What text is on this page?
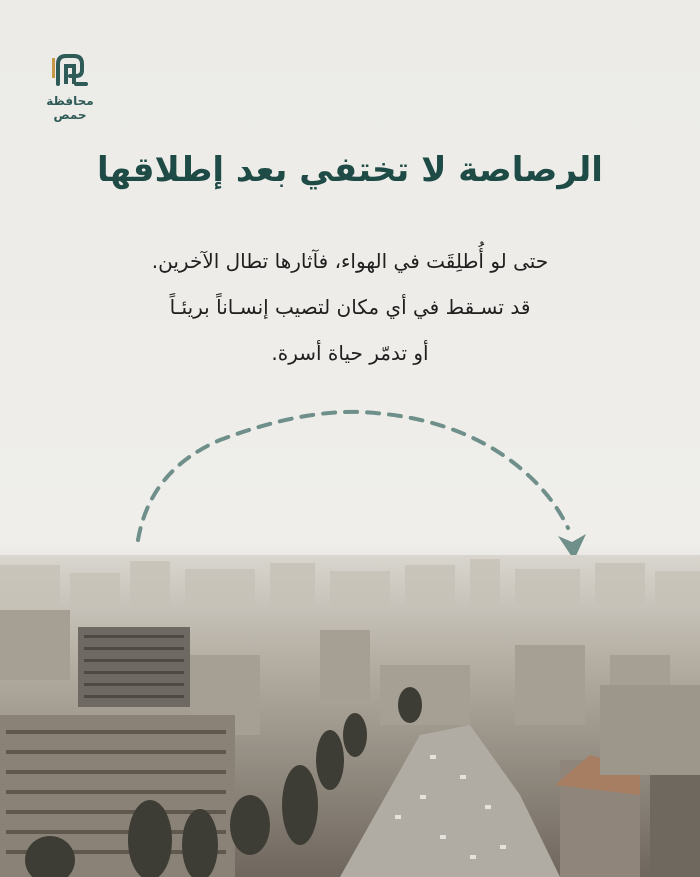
محافظة
حمص
الرصاصة لا تختفي بعد إطلاقها
حتى لو أُطلِقَت في الهواء، فآثارها تطال الآخرين.
قد تسـقط في أي مكان لتصيب إنسـاناً بريئـاً
أو تدمّر حياة أسرة.
